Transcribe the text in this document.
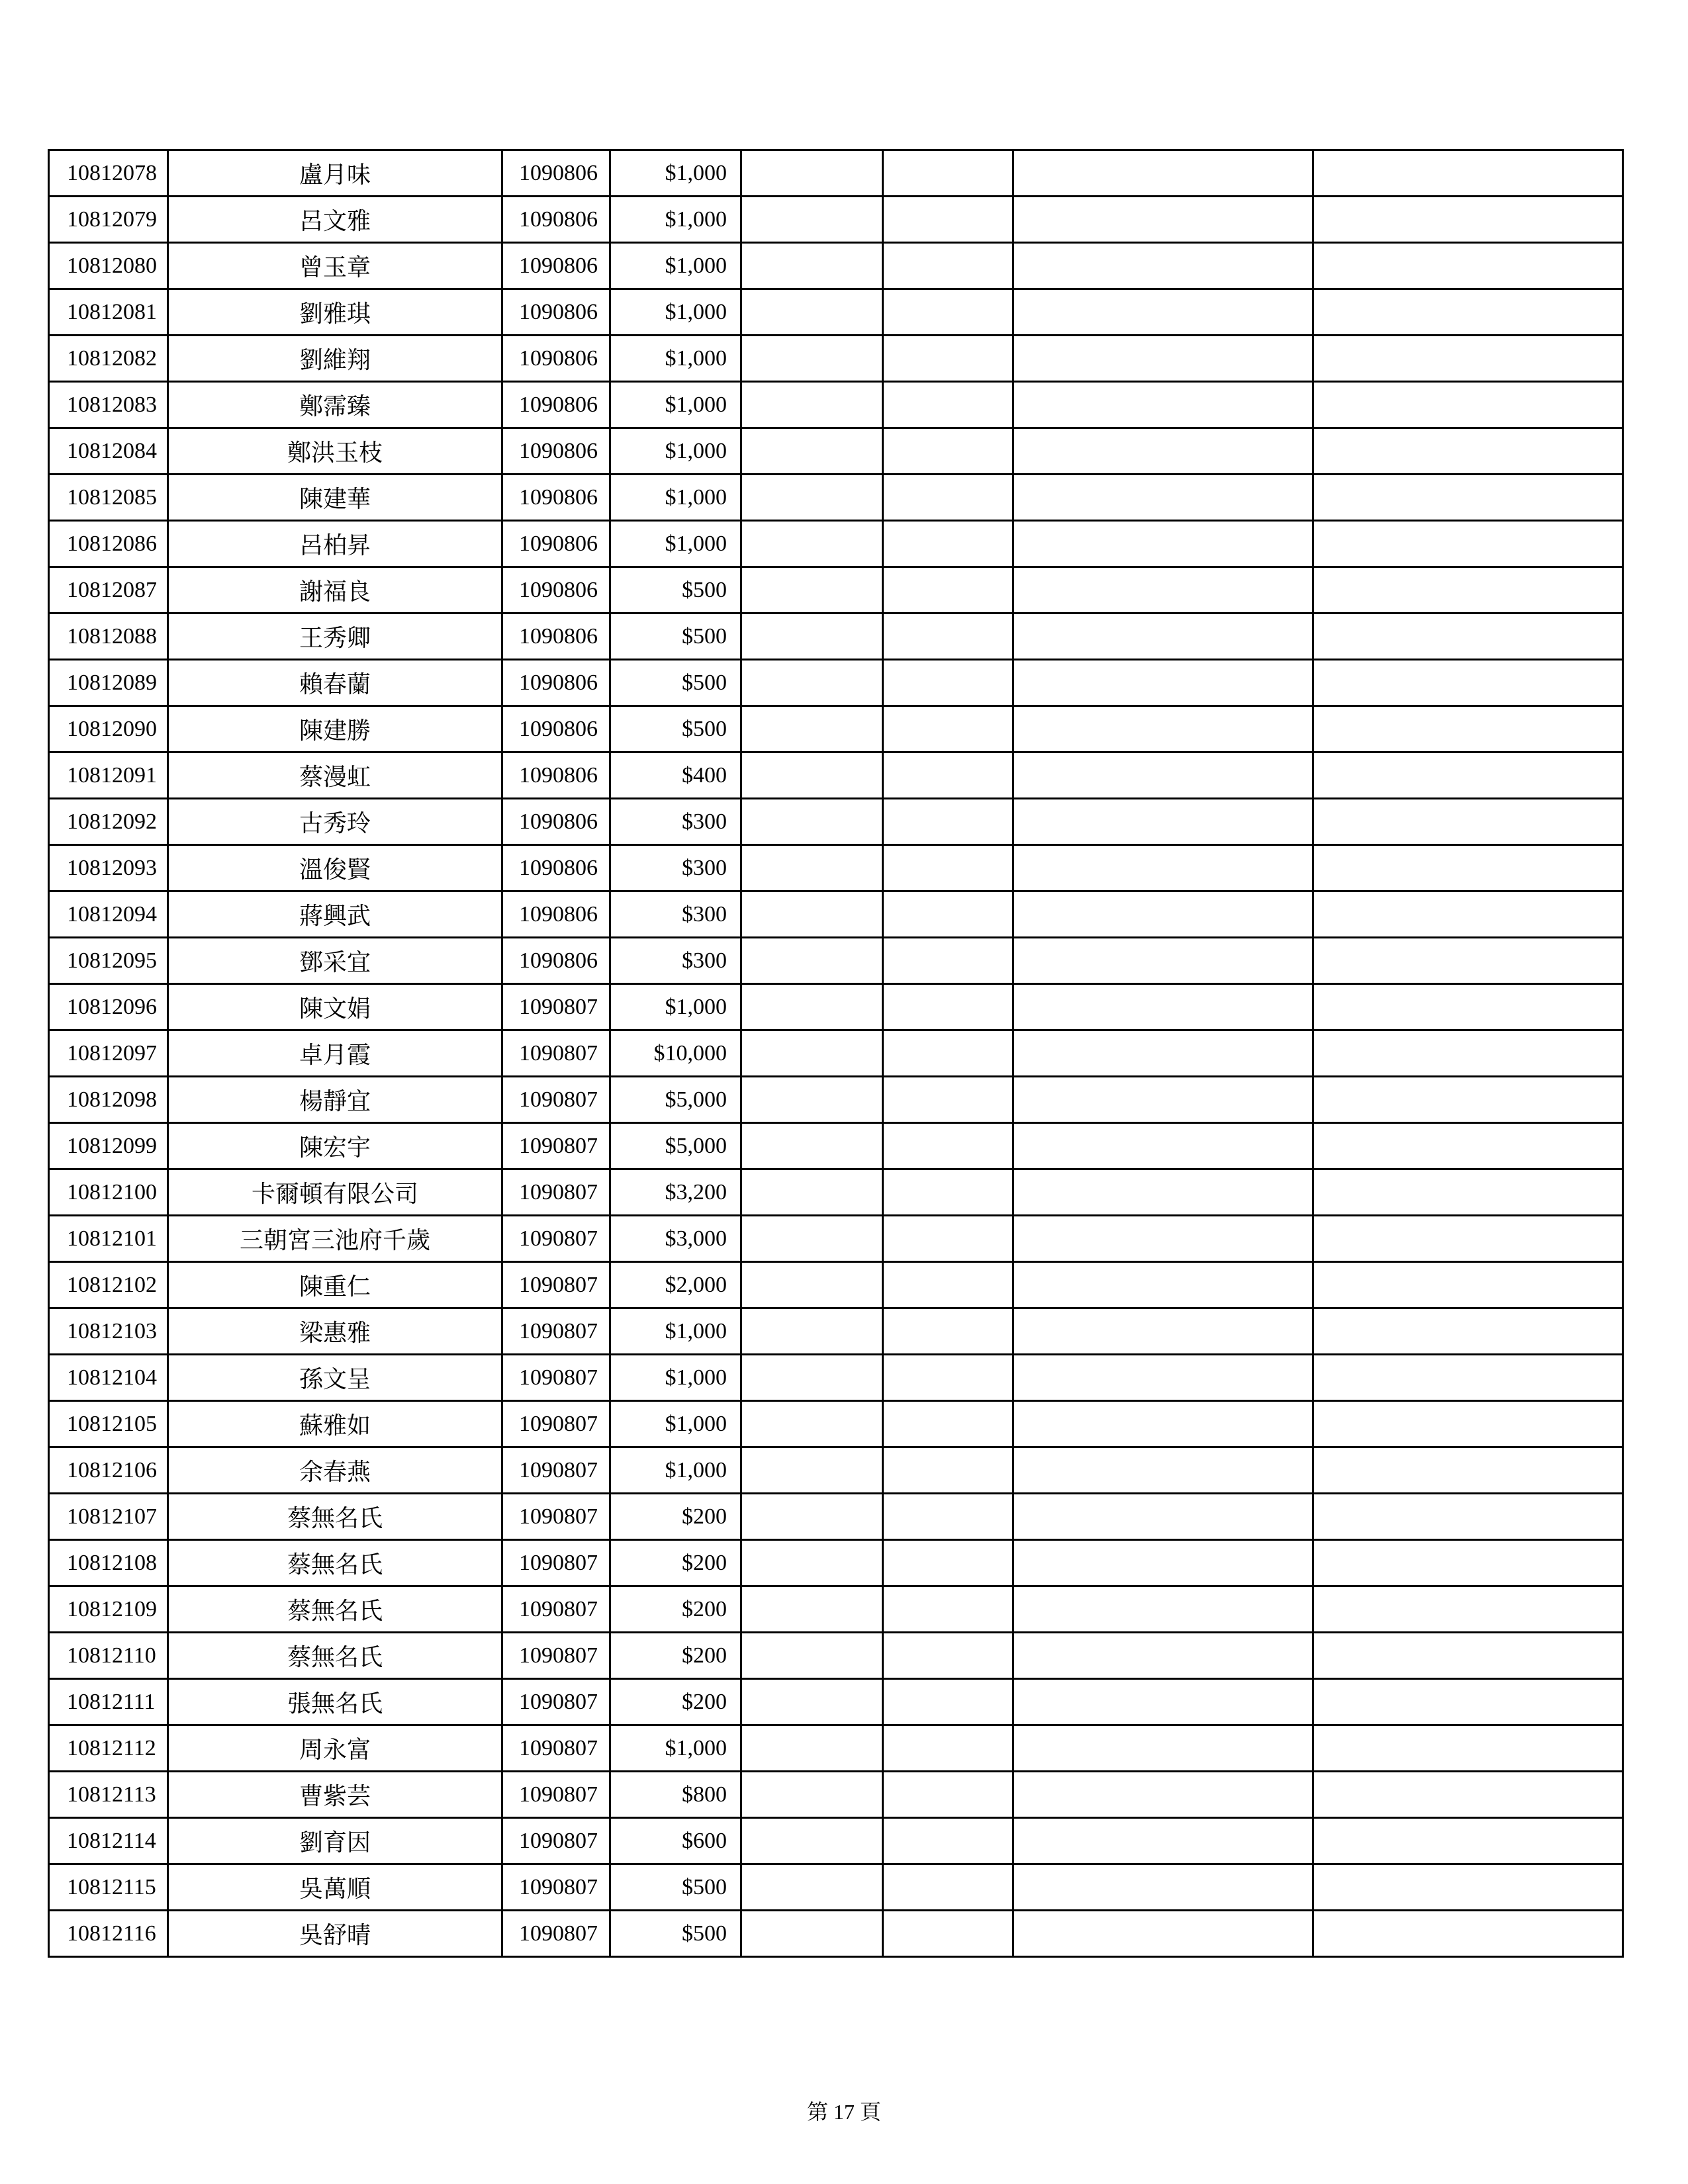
10812078	盧月味	1090806	$1,000				
10812079	呂文雅	1090806	$1,000				
10812080	曾玉章	1090806	$1,000				
10812081	劉雅琪	1090806	$1,000				
10812082	劉維翔	1090806	$1,000				
10812083	鄭霈臻	1090806	$1,000				
10812084	鄭洪玉枝	1090806	$1,000				
10812085	陳建華	1090806	$1,000				
10812086	呂柏昇	1090806	$1,000				
10812087	謝福良	1090806	$500				
10812088	王秀卿	1090806	$500				
10812089	賴春蘭	1090806	$500				
10812090	陳建勝	1090806	$500				
10812091	蔡漫虹	1090806	$400				
10812092	古秀玲	1090806	$300				
10812093	溫俊賢	1090806	$300				
10812094	蔣興武	1090806	$300				
10812095	鄧采宜	1090806	$300				
10812096	陳文娟	1090807	$1,000				
10812097	卓月霞	1090807	$10,000				
10812098	楊靜宜	1090807	$5,000				
10812099	陳宏宇	1090807	$5,000				
10812100	卡爾頓有限公司	1090807	$3,200				
10812101	三朝宮三池府千歲	1090807	$3,000				
10812102	陳重仁	1090807	$2,000				
10812103	梁惠雅	1090807	$1,000				
10812104	孫文呈	1090807	$1,000				
10812105	蘇雅如	1090807	$1,000				
10812106	余春燕	1090807	$1,000				
10812107	蔡無名氏	1090807	$200				
10812108	蔡無名氏	1090807	$200				
10812109	蔡無名氏	1090807	$200				
10812110	蔡無名氏	1090807	$200				
10812111	張無名氏	1090807	$200				
10812112	周永富	1090807	$1,000				
10812113	曹紫芸	1090807	$800				
10812114	劉育因	1090807	$600				
10812115	吳萬順	1090807	$500				
10812116	吳舒晴	1090807	$500				
第 17 頁
